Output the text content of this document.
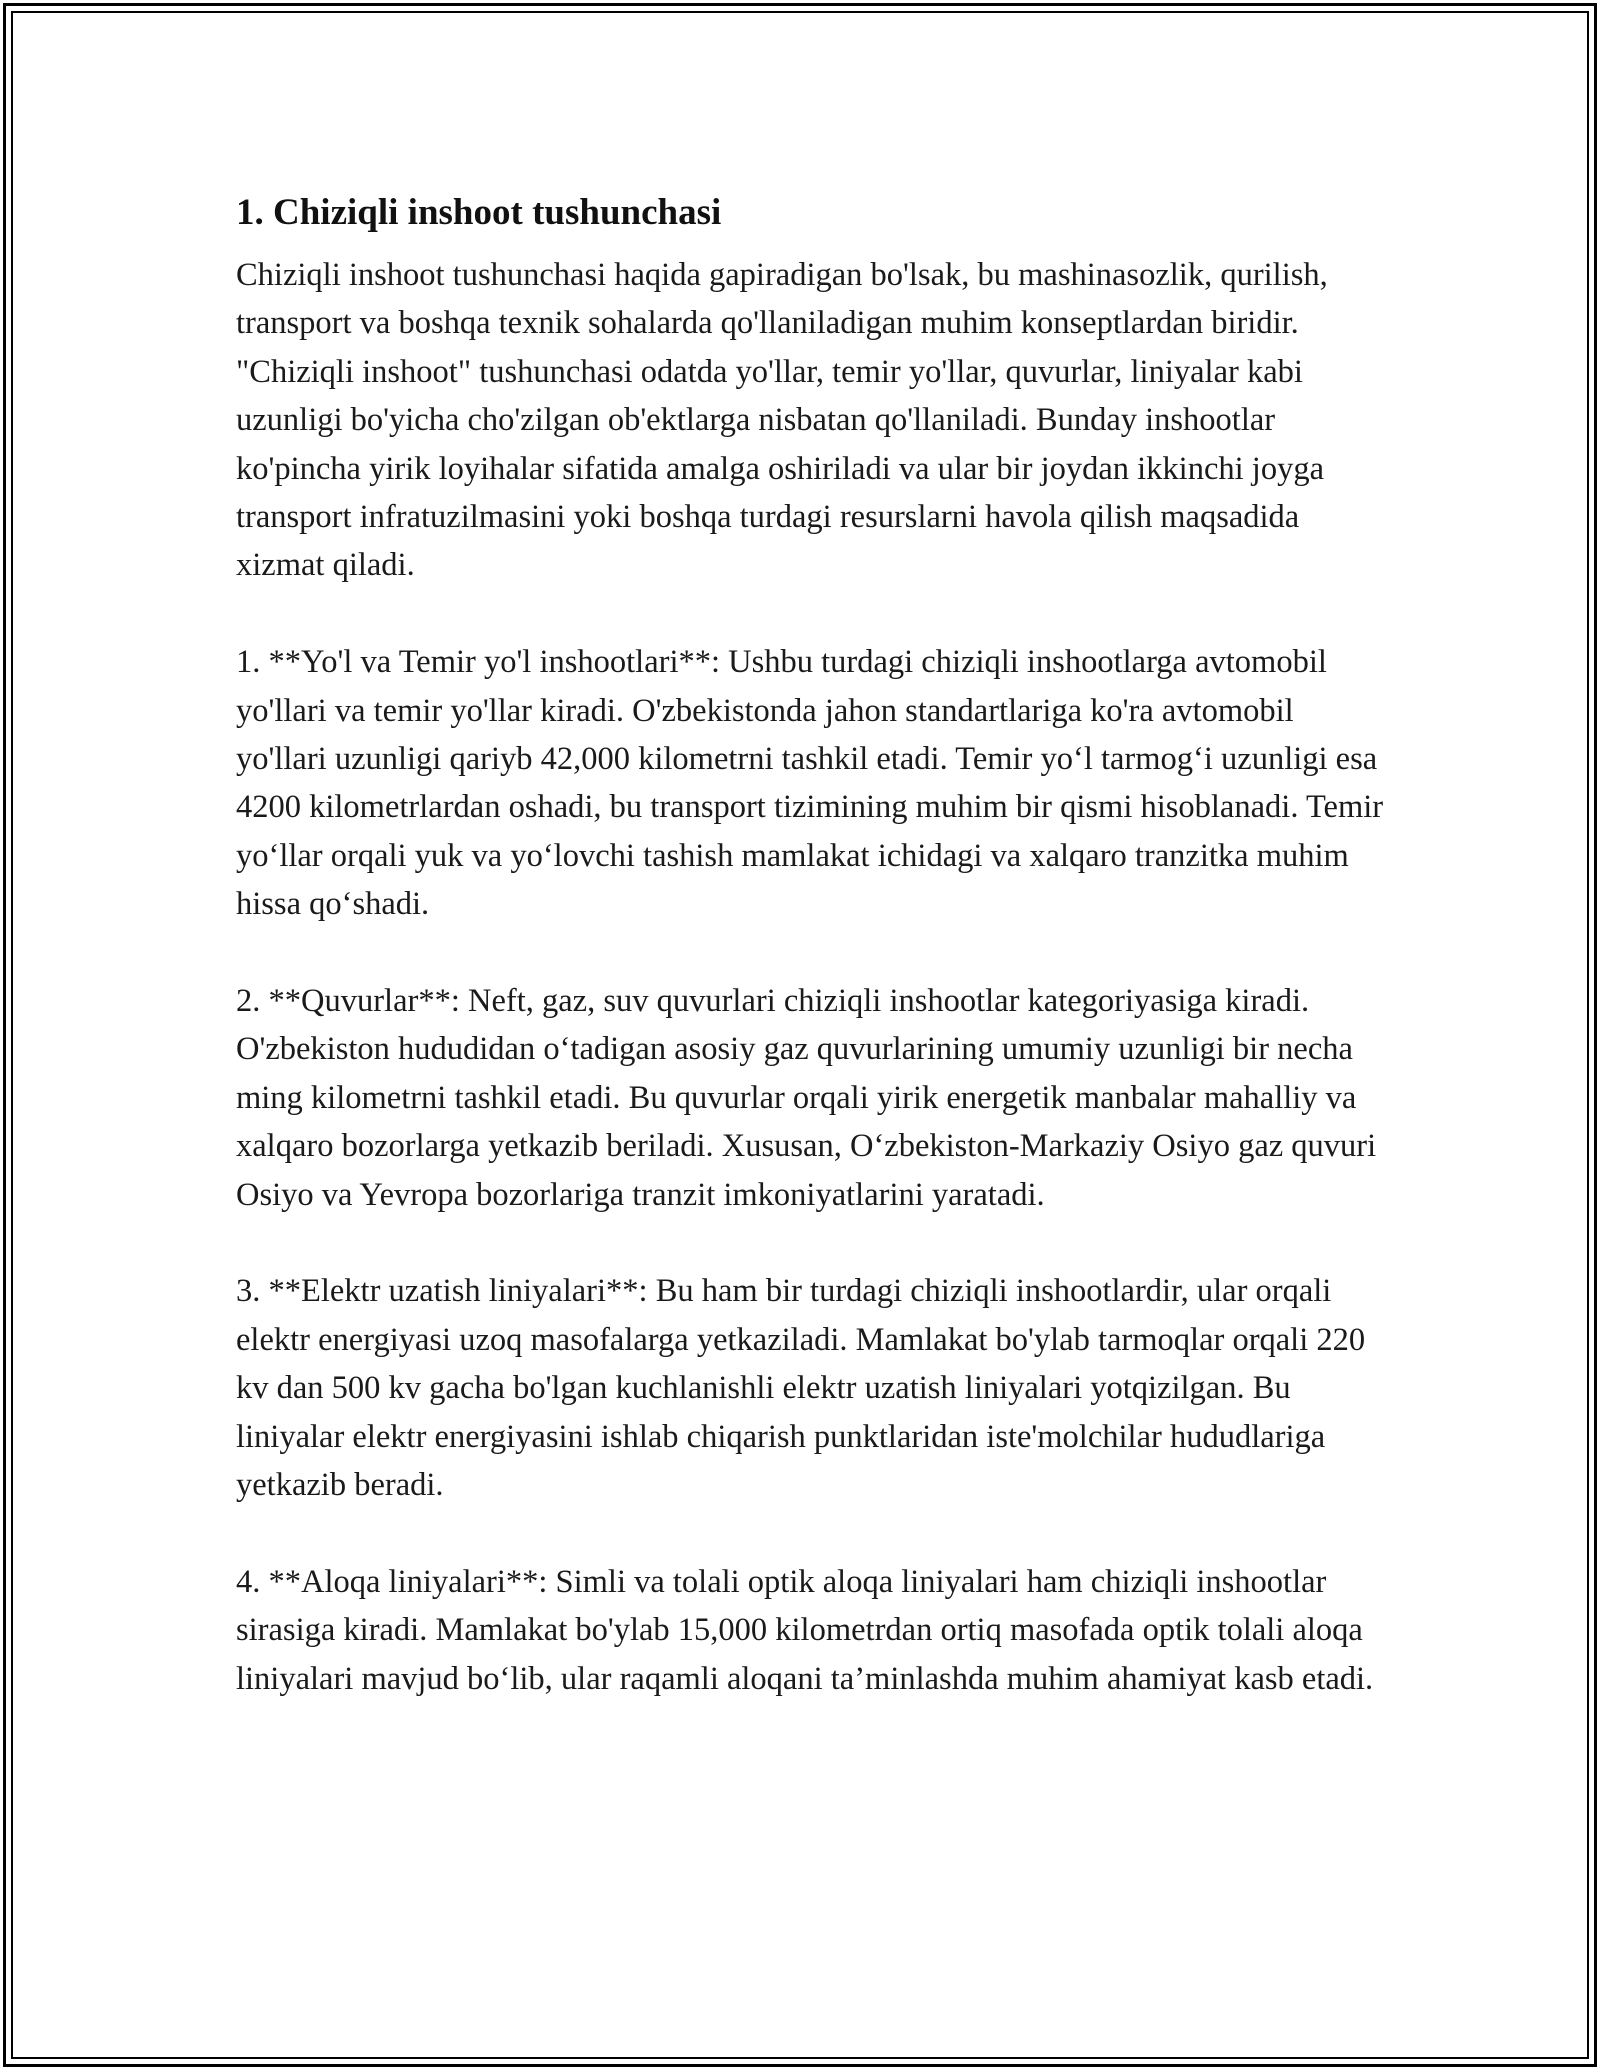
1. Chiziqli inshoot tushunchasi

Chiziqli inshoot tushunchasi haqida gapiradigan bo'lsak, bu mashinasozlik, qurilish, transport va boshqa texnik sohalarda qo'llaniladigan muhim konseptlardan biridir. "Chiziqli inshoot" tushunchasi odatda yo'llar, temir yo'llar, quvurlar, liniyalar kabi uzunligi bo'yicha cho'zilgan ob'ektlarga nisbatan qo'llaniladi. Bunday inshootlar ko'pincha yirik loyihalar sifatida amalga oshiriladi va ular bir joydan ikkinchi joyga transport infratuzilmasini yoki boshqa turdagi resurslarni havola qilish maqsadida xizmat qiladi.

1. **Yo'l va Temir yo'l inshootlari**: Ushbu turdagi chiziqli inshootlarga avtomobil yo'llari va temir yo'llar kiradi. O'zbekistonda jahon standartlariga ko'ra avtomobil yo'llari uzunligi qariyb 42,000 kilometrni tashkil etadi. Temir yo‘l tarmog‘i uzunligi esa 4200 kilometrlardan oshadi, bu transport tizimining muhim bir qismi hisoblanadi. Temir yo‘llar orqali yuk va yo‘lovchi tashish mamlakat ichidagi va xalqaro tranzitka muhim hissa qo‘shadi.

2. **Quvurlar**: Neft, gaz, suv quvurlari chiziqli inshootlar kategoriyasiga kiradi. O'zbekiston hududidan o‘tadigan asosiy gaz quvurlarining umumiy uzunligi bir necha ming kilometrni tashkil etadi. Bu quvurlar orqali yirik energetik manbalar mahalliy va xalqaro bozorlarga yetkazib beriladi. Xususan, O‘zbekiston-Markaziy Osiyo gaz quvuri Osiyo va Yevropa bozorlariga tranzit imkoniyatlarini yaratadi.

3. **Elektr uzatish liniyalari**: Bu ham bir turdagi chiziqli inshootlardir, ular orqali elektr energiyasi uzoq masofalarga yetkaziladi. Mamlakat bo'ylab tarmoqlar orqali 220 kv dan 500 kv gacha bo'lgan kuchlanishli elektr uzatish liniyalari yotqizilgan. Bu liniyalar elektr energiyasini ishlab chiqarish punktlaridan iste'molchilar hududlariga yetkazib beradi.

4. **Aloqa liniyalari**: Simli va tolali optik aloqa liniyalari ham chiziqli inshootlar sirasiga kiradi. Mamlakat bo'ylab 15,000 kilometrdan ortiq masofada optik tolali aloqa liniyalari mavjud bo‘lib, ular raqamli aloqani ta’minlashda muhim ahamiyat kasb etadi.
